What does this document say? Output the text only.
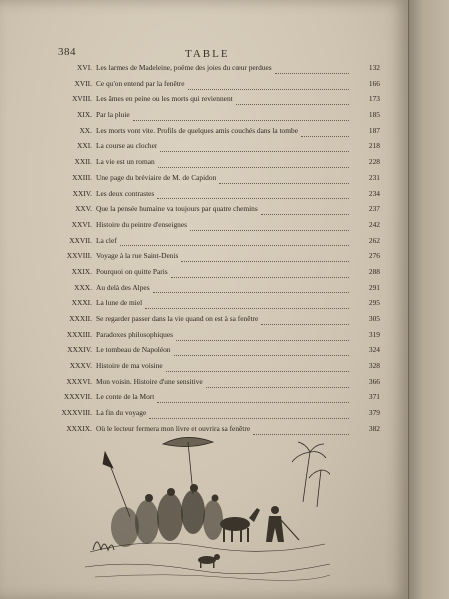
384	TABLE
XVI. Les larmes de Madeleine, poëme des joies du cœur perdues	132
XVII. Ce qu'on entend par la fenêtre	166
XVIII. Les âmes en peine ou les morts qui reviennent	173
XIX. Par la pluie	185
XX. Les morts vont vite. Profils de quelques amis couchés dans la tombe	187
XXI. La course au clocher	218
XXII. La vie est un roman	228
XXIII. Une page du bréviaire de M. de Capidon	231
XXIV. Les deux contrastes	234
XXV. Que la pensée humaine va toujours par quatre chemins	237
XXVI. Histoire du peintre d'enseignes	242
XXVII. La clef	262
XXVIII. Voyage à la rue Saint-Denis	276
XXIX. Pourquoi on quitte Paris	288
XXX. Au delà des Alpes	291
XXXI. La lune de miel	295
XXXII. Se regarder passer dans la vie quand on est à sa fenêtre	305
XXXIII. Paradoxes philosophiques	319
XXXIV. Le tombeau de Napoléon	324
XXXV. Histoire de ma voisine	328
XXXVI. Mon voisin. Histoire d'une sensitive	366
XXXVII. Le conte de la Mort	371
XXXVIII. La fin du voyage	379
XXXIX. Où le lecteur fermera mon livre et ouvrira sa fenêtre	382
